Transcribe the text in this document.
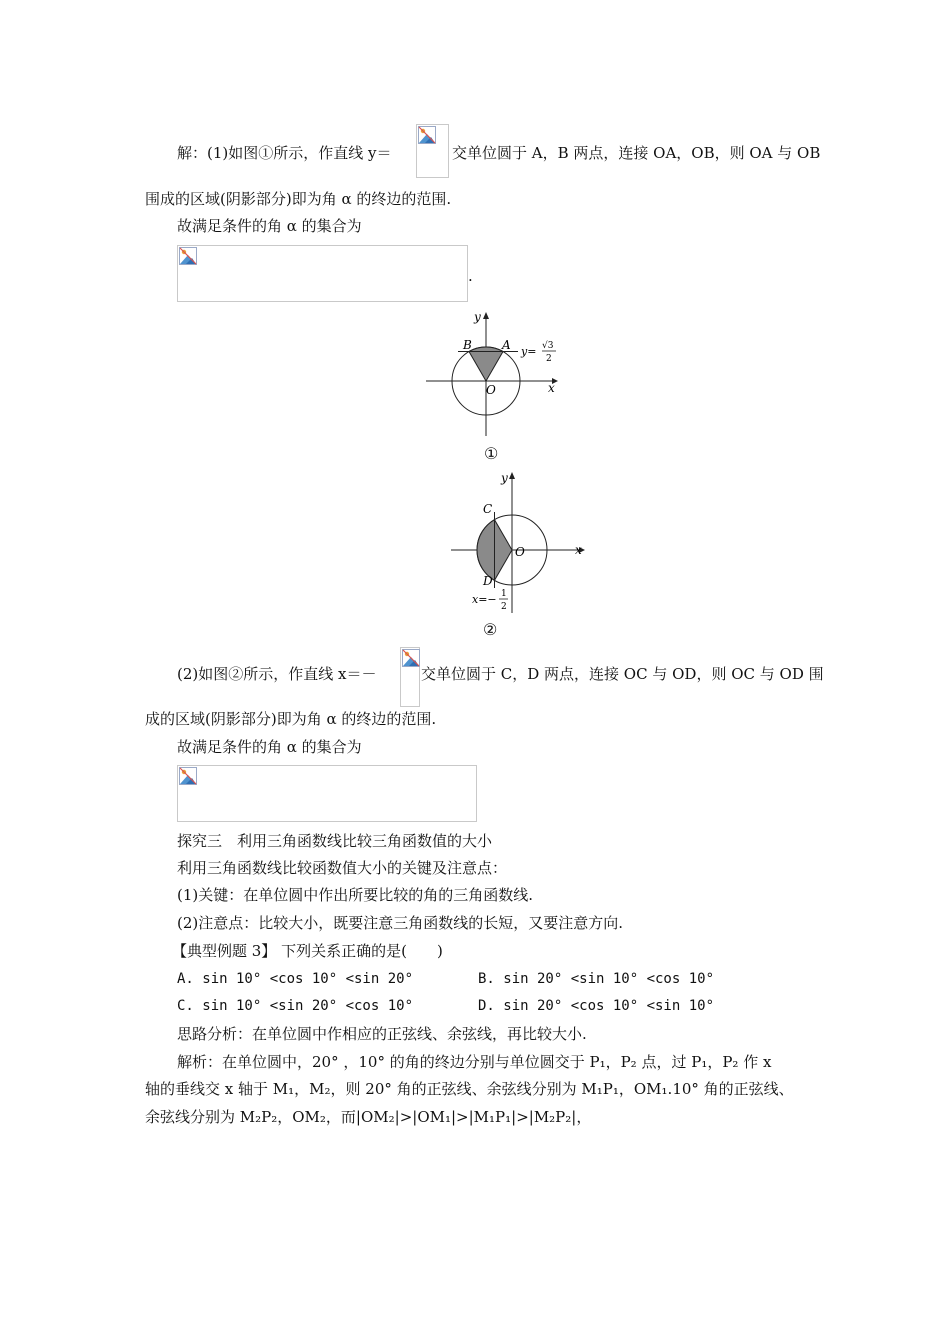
解：(1)如图①所示，作直线 y＝	交单位圆于 A，B 两点，连接 OA，OB，则 OA 与 OB
围成的区域(阴影部分)即为角 α 的终边的范围.
故满足条件的角 α 的集合为
.
y
x
O
B	A y= √3
2
①
y
x
O
C
D
x=− 1
2
②
(2)如图②所示，作直线 x＝－	交单位圆于 C，D 两点，连接 OC 与 OD，则 OC 与 OD 围
成的区域(阴影部分)即为角 α 的终边的范围.
故满足条件的角 α 的集合为
探究三　利用三角函数线比较三角函数值的大小
利用三角函数线比较函数值大小的关键及注意点：
(1)关键：在单位圆中作出所要比较的角的三角函数线.
(2)注意点：比较大小，既要注意三角函数线的长短，又要注意方向.
【典型例题 3】 下列关系正确的是(　　)
A. sin 10° <cos 10° <sin 20°	B. sin 20° <sin 10° <cos 10°
C. sin 10° <sin 20° <cos 10°	D. sin 20° <cos 10° <sin 10°
思路分析：在单位圆中作相应的正弦线、余弦线，再比较大小.
解析：在单位圆中，20° ，10° 的角的终边分别与单位圆交于 P₁，P₂ 点，过 P₁，P₂ 作 x
轴的垂线交 x 轴于 M₁，M₂，则 20° 角的正弦线、余弦线分别为 M₁P₁，OM₁.10° 角的正弦线、
余弦线分别为 M₂P₂，OM₂，而|OM₂|>|OM₁|>|M₁P₁|>|M₂P₂|，
